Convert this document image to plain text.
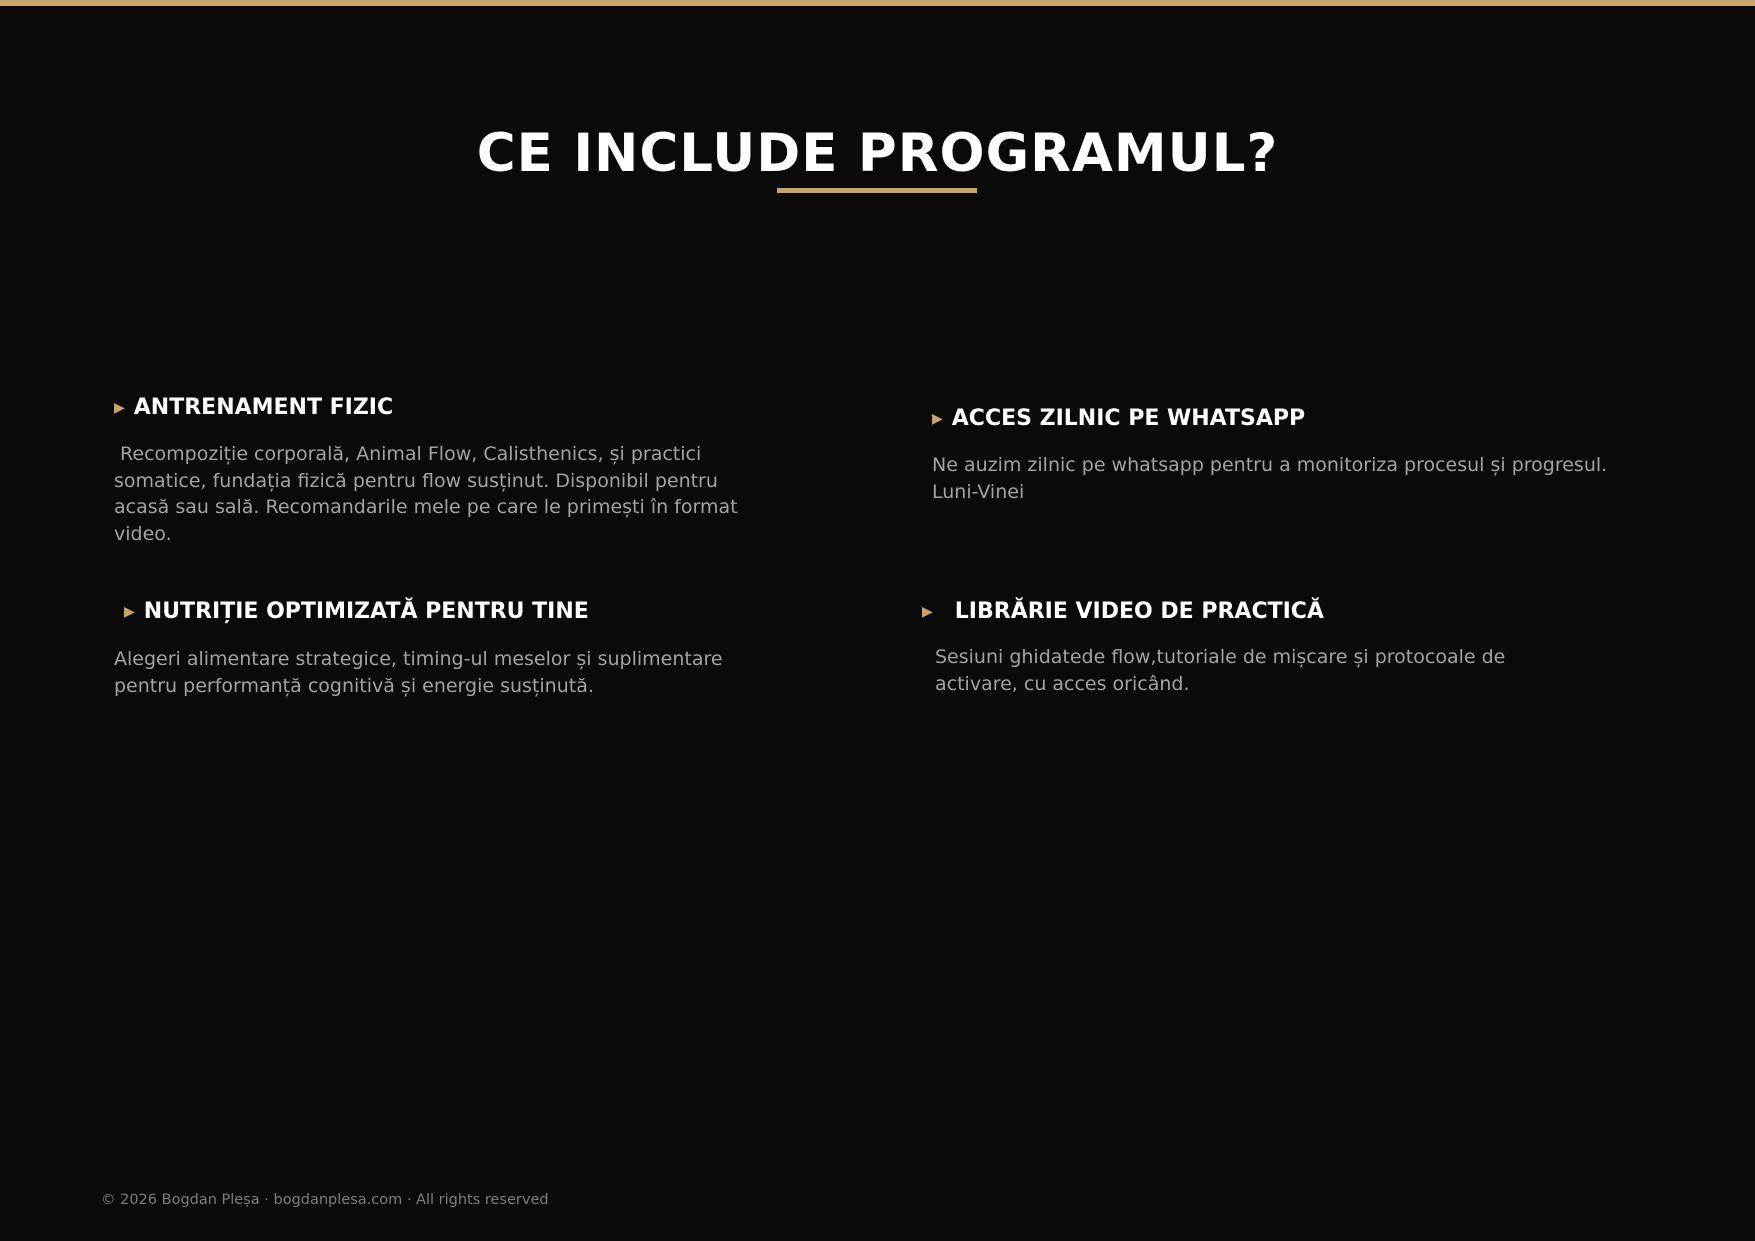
CE INCLUDE PROGRAMUL?
▶ ANTRENAMENT FIZIC

Recompoziție corporală, Animal Flow, Calisthenics, și practici somatice, fundația fizică pentru flow susținut. Disponibil pentru acasă sau sală. Recomandarile mele pe care le primești în format video.

▶ ACCES ZILNIC PE WHATSAPP

Ne auzim zilnic pe whatsapp pentru a monitoriza procesul și progresul. Luni-Vinei

▶ NUTRIȚIE OPTIMIZATĂ PENTRU TINE

Alegeri alimentare strategice, timing-ul meselor și suplimentare pentru performanță cognitivă și energie susținută.

▶ LIBRĂRIE VIDEO DE PRACTICĂ

Sesiuni ghidatede flow,tutoriale de mișcare și protocoale de activare, cu acces oricând.

© 2026 Bogdan Pleșa · bogdanplesa.com · All rights reserved
